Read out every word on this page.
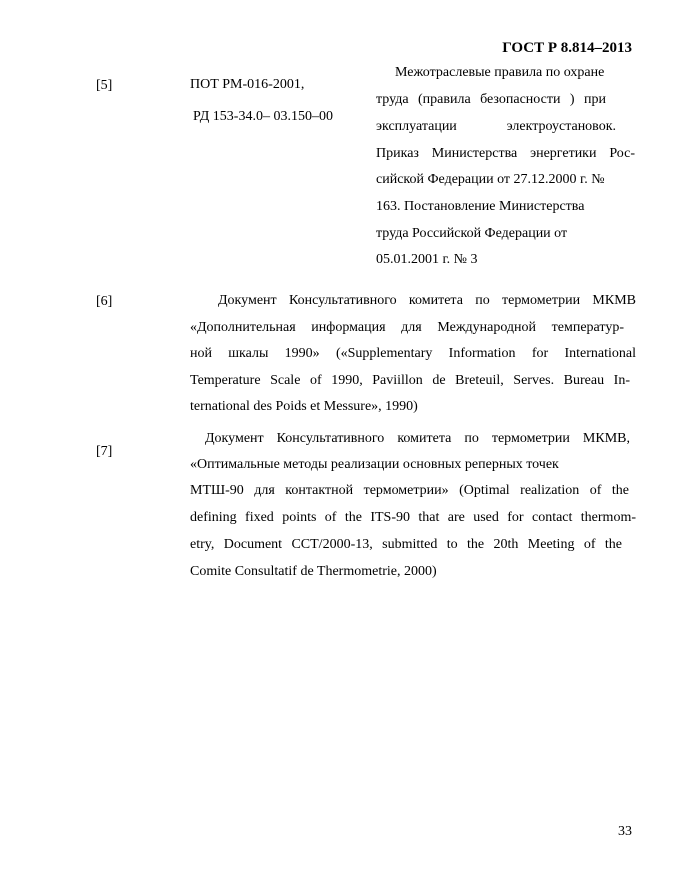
ГОСТ Р 8.814–2013
[5]	ПОТ РМ-016-2001,
РД 153-34.0– 03.150–00
Межотраслевые правила по охране
труда (правила безопасности ) при
эксплуатации электроустановок.
Приказ Министерства энергетики Рос-
сийской Федерации от 27.12.2000 г. №
163. Постановление Министерства
труда Российской Федерации от
05.01.2001 г. № 3
[6]	Документ Консультативного комитета по термометрии МКМВ
«Дополнительная информация для Международной температур-
ной шкалы 1990» («Supplementary Information for International
Temperature Scale of 1990, Paviillon de Breteuil, Serves. Bureau In-
ternational des Poids et Messure», 1990)
[7]
Документ Консультативного комитета по термометрии МКМВ,
«Оптимальные методы реализации основных реперных точек
МТШ-90 для контактной термометрии» (Optimal realization of the
defining fixed points of the ITS-90 that are used for contact thermom-
etry, Document CCT/2000-13, submitted to the 20th Meeting of the
Comite Consultatif de Thermometrie, 2000)
33
